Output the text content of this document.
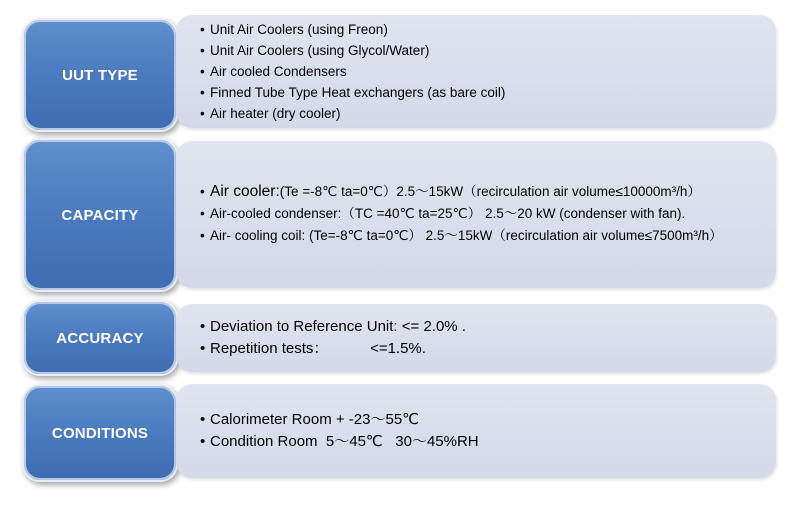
UUT TYPE
• Unit Air Coolers (using Freon)
• Unit Air Coolers (using Glycol/Water)
• Air cooled Condensers
• Finned Tube Type Heat exchangers (as bare coil)
• Air heater (dry cooler)
CAPACITY
• Air cooler:(Te =-8℃ ta=0℃）2.5～15kW（recirculation air volume≤10000m³/h）
• Air-cooled condenser:（TC =40℃ ta=25℃） 2.5～20 kW (condenser with fan).
• Air- cooling coil: (Te=-8℃ ta=0℃） 2.5～15kW（recirculation air volume≤7500m³/h）
ACCURACY
• Deviation to Reference Unit: <= 2.0% .
• Repetition tests：          <=1.5%.
CONDITIONS
• Calorimeter Room + -23～55℃
• Condition Room  5～45℃   30～45%RH
